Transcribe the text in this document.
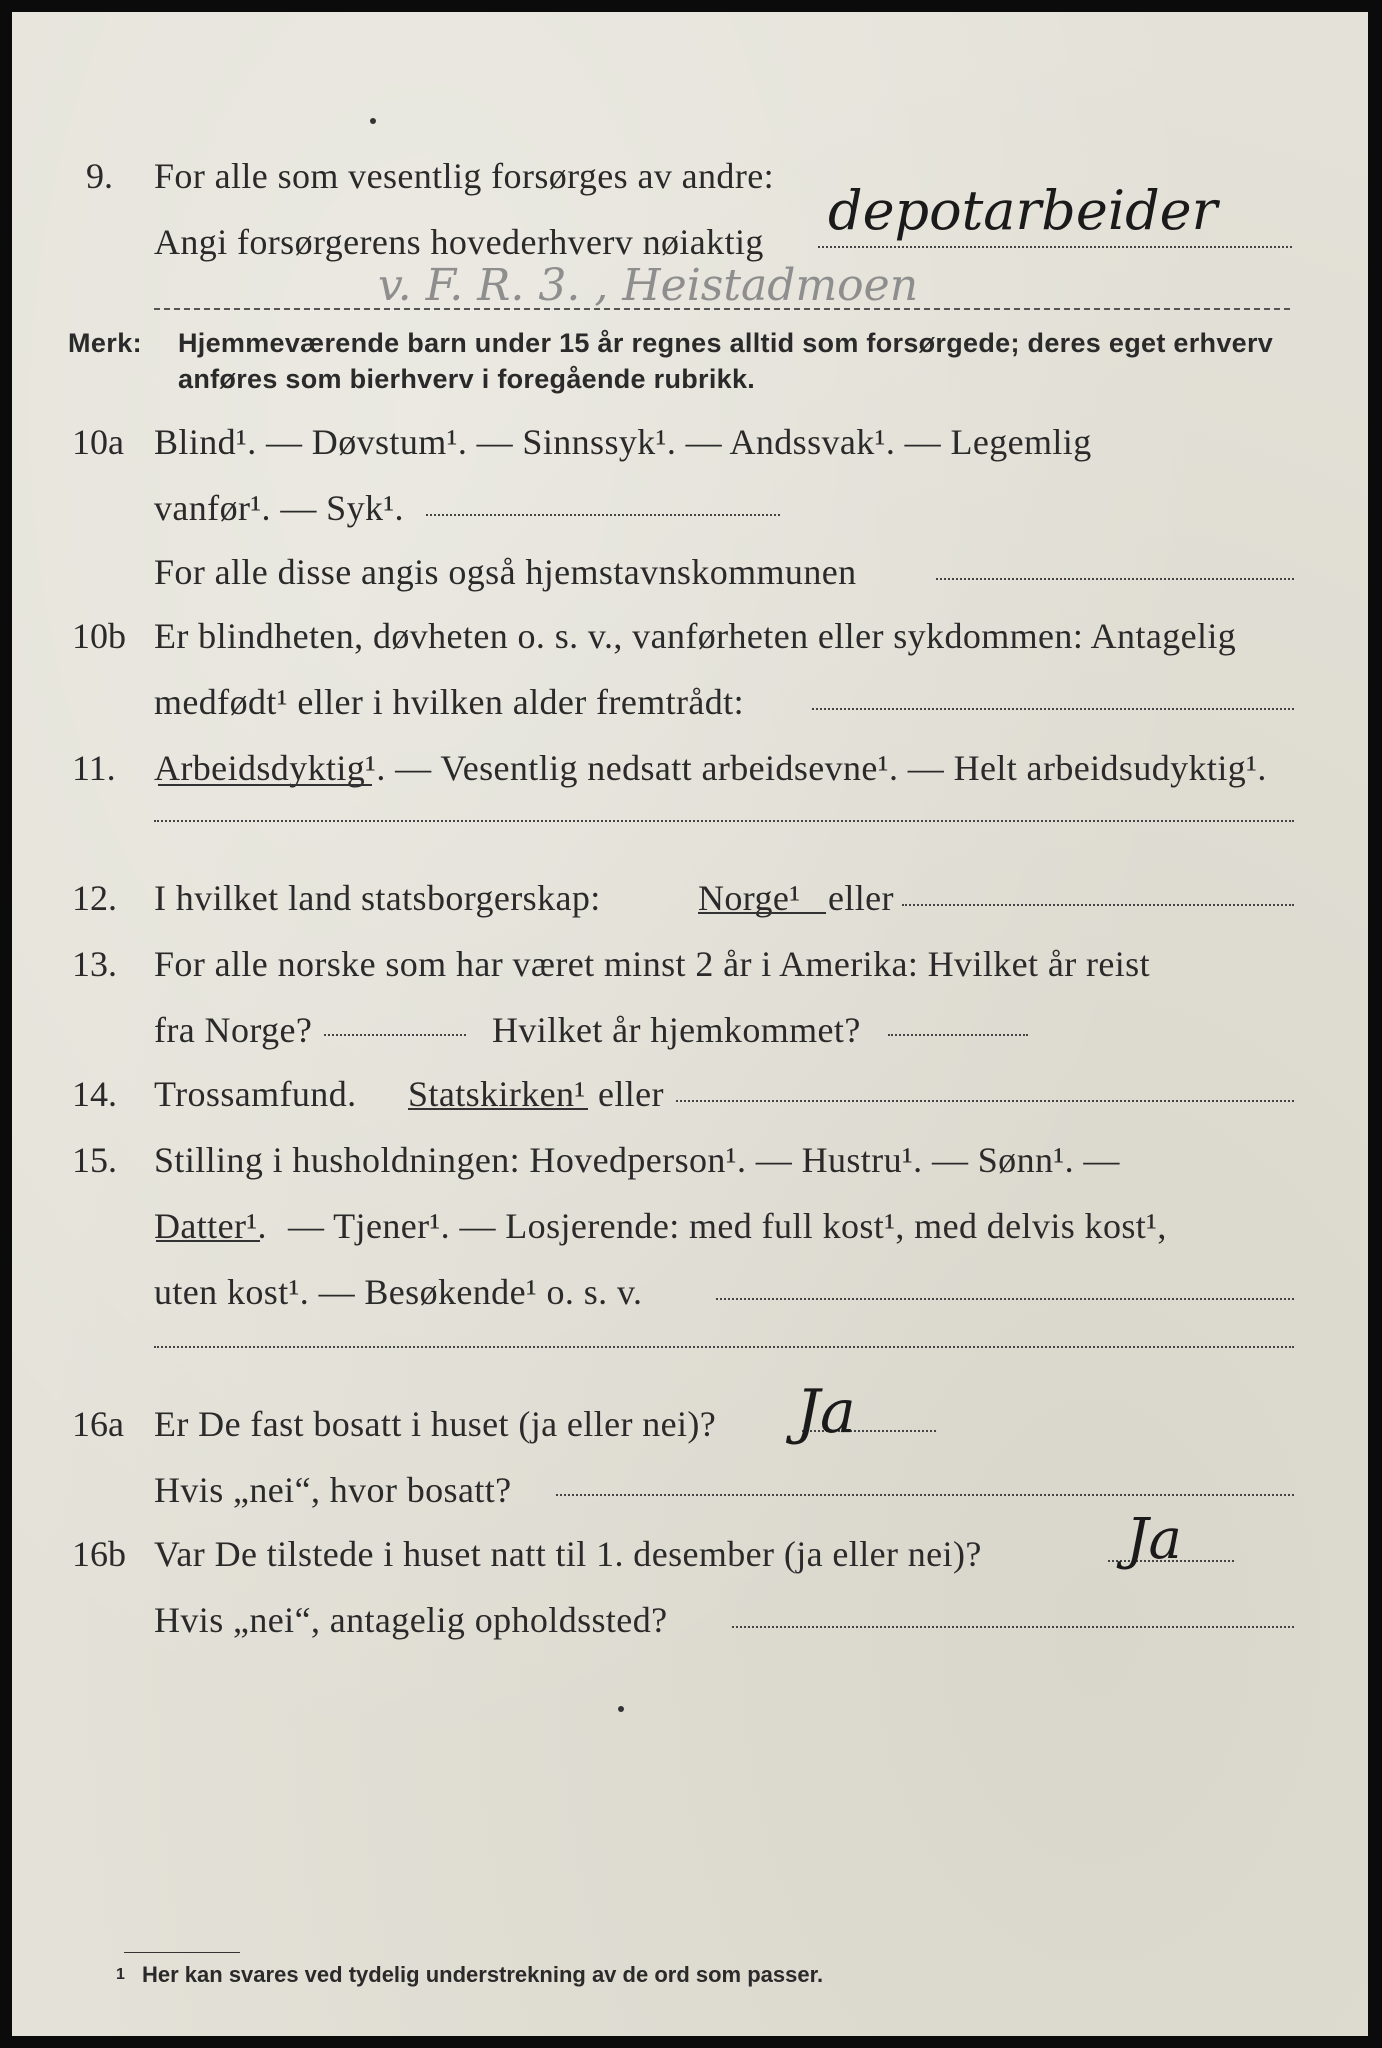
9. For alle som vesentlig forsørges av andre:
Angi forsørgerens hovederhverv nøiaktig depotarbeider
v. F. R. 3. , Heistadmoen
Merk: Hjemmeværende barn under 15 år regnes alltid som forsørgede; deres eget erhverv
anføres som bierhverv i foregående rubrikk.
10a Blind¹. — Døvstum¹. — Sinnssyk¹. — Andssvak¹. — Legemlig
vanfør¹. — Syk¹.
For alle disse angis også hjemstavnskommunen
10b Er blindheten, døvheten o. s. v., vanførheten eller sykdommen: Antagelig
medfødt¹ eller i hvilken alder fremtrådt:
11. Arbeidsdyktig¹. — Vesentlig nedsatt arbeidsevne¹. — Helt arbeidsudyktig¹.
12. I hvilket land statsborgerskap:	Norge¹ eller
13. For alle norske som har været minst 2 år i Amerika: Hvilket år reist
fra Norge?	Hvilket år hjemkommet?
14. Trossamfund. Statskirken¹ eller
15. Stilling i husholdningen: Hovedperson¹. — Hustru¹. — Sønn¹. —
Datter¹. — Tjener¹. — Losjerende: med full kost¹, med delvis kost¹,
uten kost¹. — Besøkende¹ o. s. v.
16a Er De fast bosatt i huset (ja eller nei)? Ja
Hvis „nei“, hvor bosatt?
16b Var De tilstede i huset natt til 1. desember (ja eller nei)?	Ja
Hvis „nei“, antagelig opholdssted?
1 Her kan svares ved tydelig understrekning av de ord som passer.
